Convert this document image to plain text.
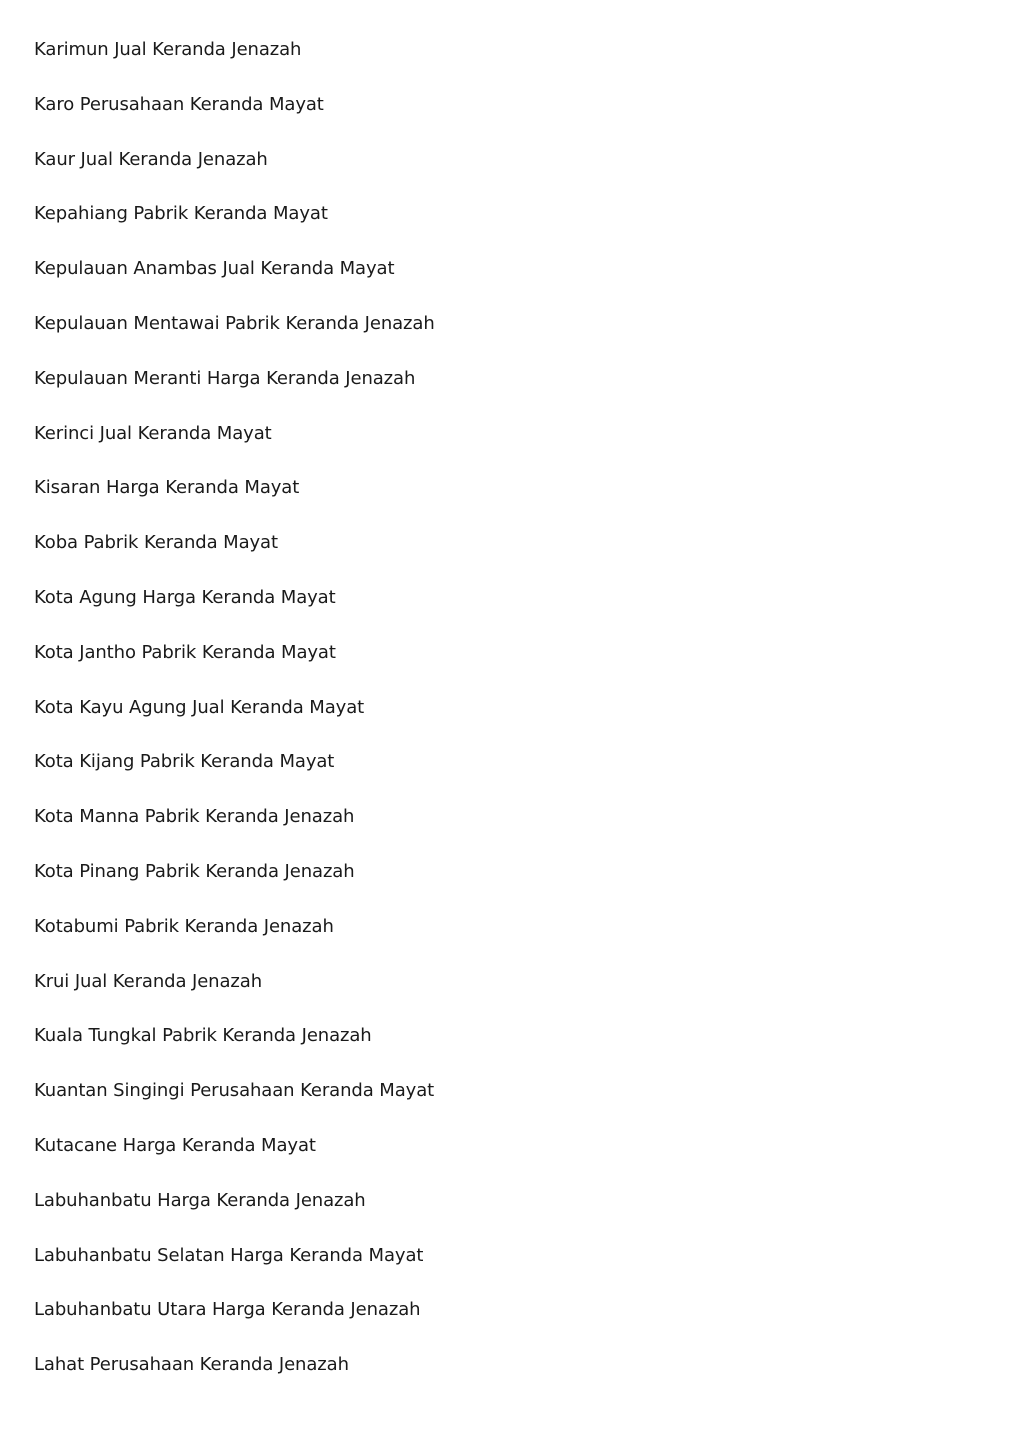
Karimun Jual Keranda Jenazah
Karo Perusahaan Keranda Mayat
Kaur Jual Keranda Jenazah
Kepahiang Pabrik Keranda Mayat
Kepulauan Anambas Jual Keranda Mayat
Kepulauan Mentawai Pabrik Keranda Jenazah
Kepulauan Meranti Harga Keranda Jenazah
Kerinci Jual Keranda Mayat
Kisaran Harga Keranda Mayat
Koba Pabrik Keranda Mayat
Kota Agung Harga Keranda Mayat
Kota Jantho Pabrik Keranda Mayat
Kota Kayu Agung Jual Keranda Mayat
Kota Kijang Pabrik Keranda Mayat
Kota Manna Pabrik Keranda Jenazah
Kota Pinang Pabrik Keranda Jenazah
Kotabumi Pabrik Keranda Jenazah
Krui Jual Keranda Jenazah
Kuala Tungkal Pabrik Keranda Jenazah
Kuantan Singingi Perusahaan Keranda Mayat
Kutacane Harga Keranda Mayat
Labuhanbatu Harga Keranda Jenazah
Labuhanbatu Selatan Harga Keranda Mayat
Labuhanbatu Utara Harga Keranda Jenazah
Lahat Perusahaan Keranda Jenazah
